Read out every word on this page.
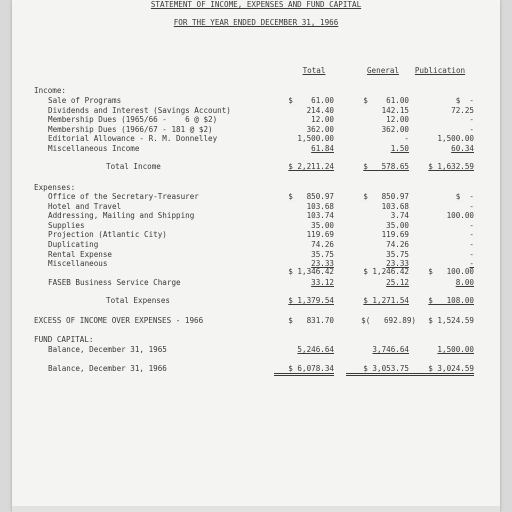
STATEMENT OF INCOME, EXPENSES AND FUND CAPITAL
FOR THE YEAR ENDED DECEMBER 31, 1966
Total	General	Publication
Income:
Sale of Programs	$    61.00	$    61.00	$  -
Dividends and Interest (Savings Account)	214.40	142.15	72.25
Membership Dues (1965/66 -    6 @ $2)	12.00	12.00	-
Membership Dues (1966/67 - 181 @ $2)	362.00	362.00	-
Editorial Allowance - R. M. Donnelley	1,500.00	-	1,500.00
Miscellaneous Income	61.84	1.50	60.34
Total Income	$ 2,211.24	$   578.65	$ 1,632.59
Expenses:
Office of the Secretary-Treasurer	$   850.97	$   850.97	$  -
Hotel and Travel	103.68	103.68	-
Addressing, Mailing and Shipping	103.74	3.74	100.00
Supplies	35.00	35.00	-
Projection (Atlantic City)	119.69	119.69	-
Duplicating	74.26	74.26	-
Rental Expense	35.75	35.75	-
Miscellaneous	23.33	23.33	-
$ 1,346.42	$ 1,246.42	$   100.00
FASEB Business Service Charge	33.12	25.12	8.00
Total Expenses	$ 1,379.54	$ 1,271.54	$   108.00
EXCESS OF INCOME OVER EXPENSES - 1966	$   831.70	$(   692.89)	$ 1,524.59
FUND CAPITAL:
Balance, December 31, 1965	5,246.64	3,746.64	1,500.00
Balance, December 31, 1966	$ 6,078.34	$ 3,053.75	$ 3,024.59
